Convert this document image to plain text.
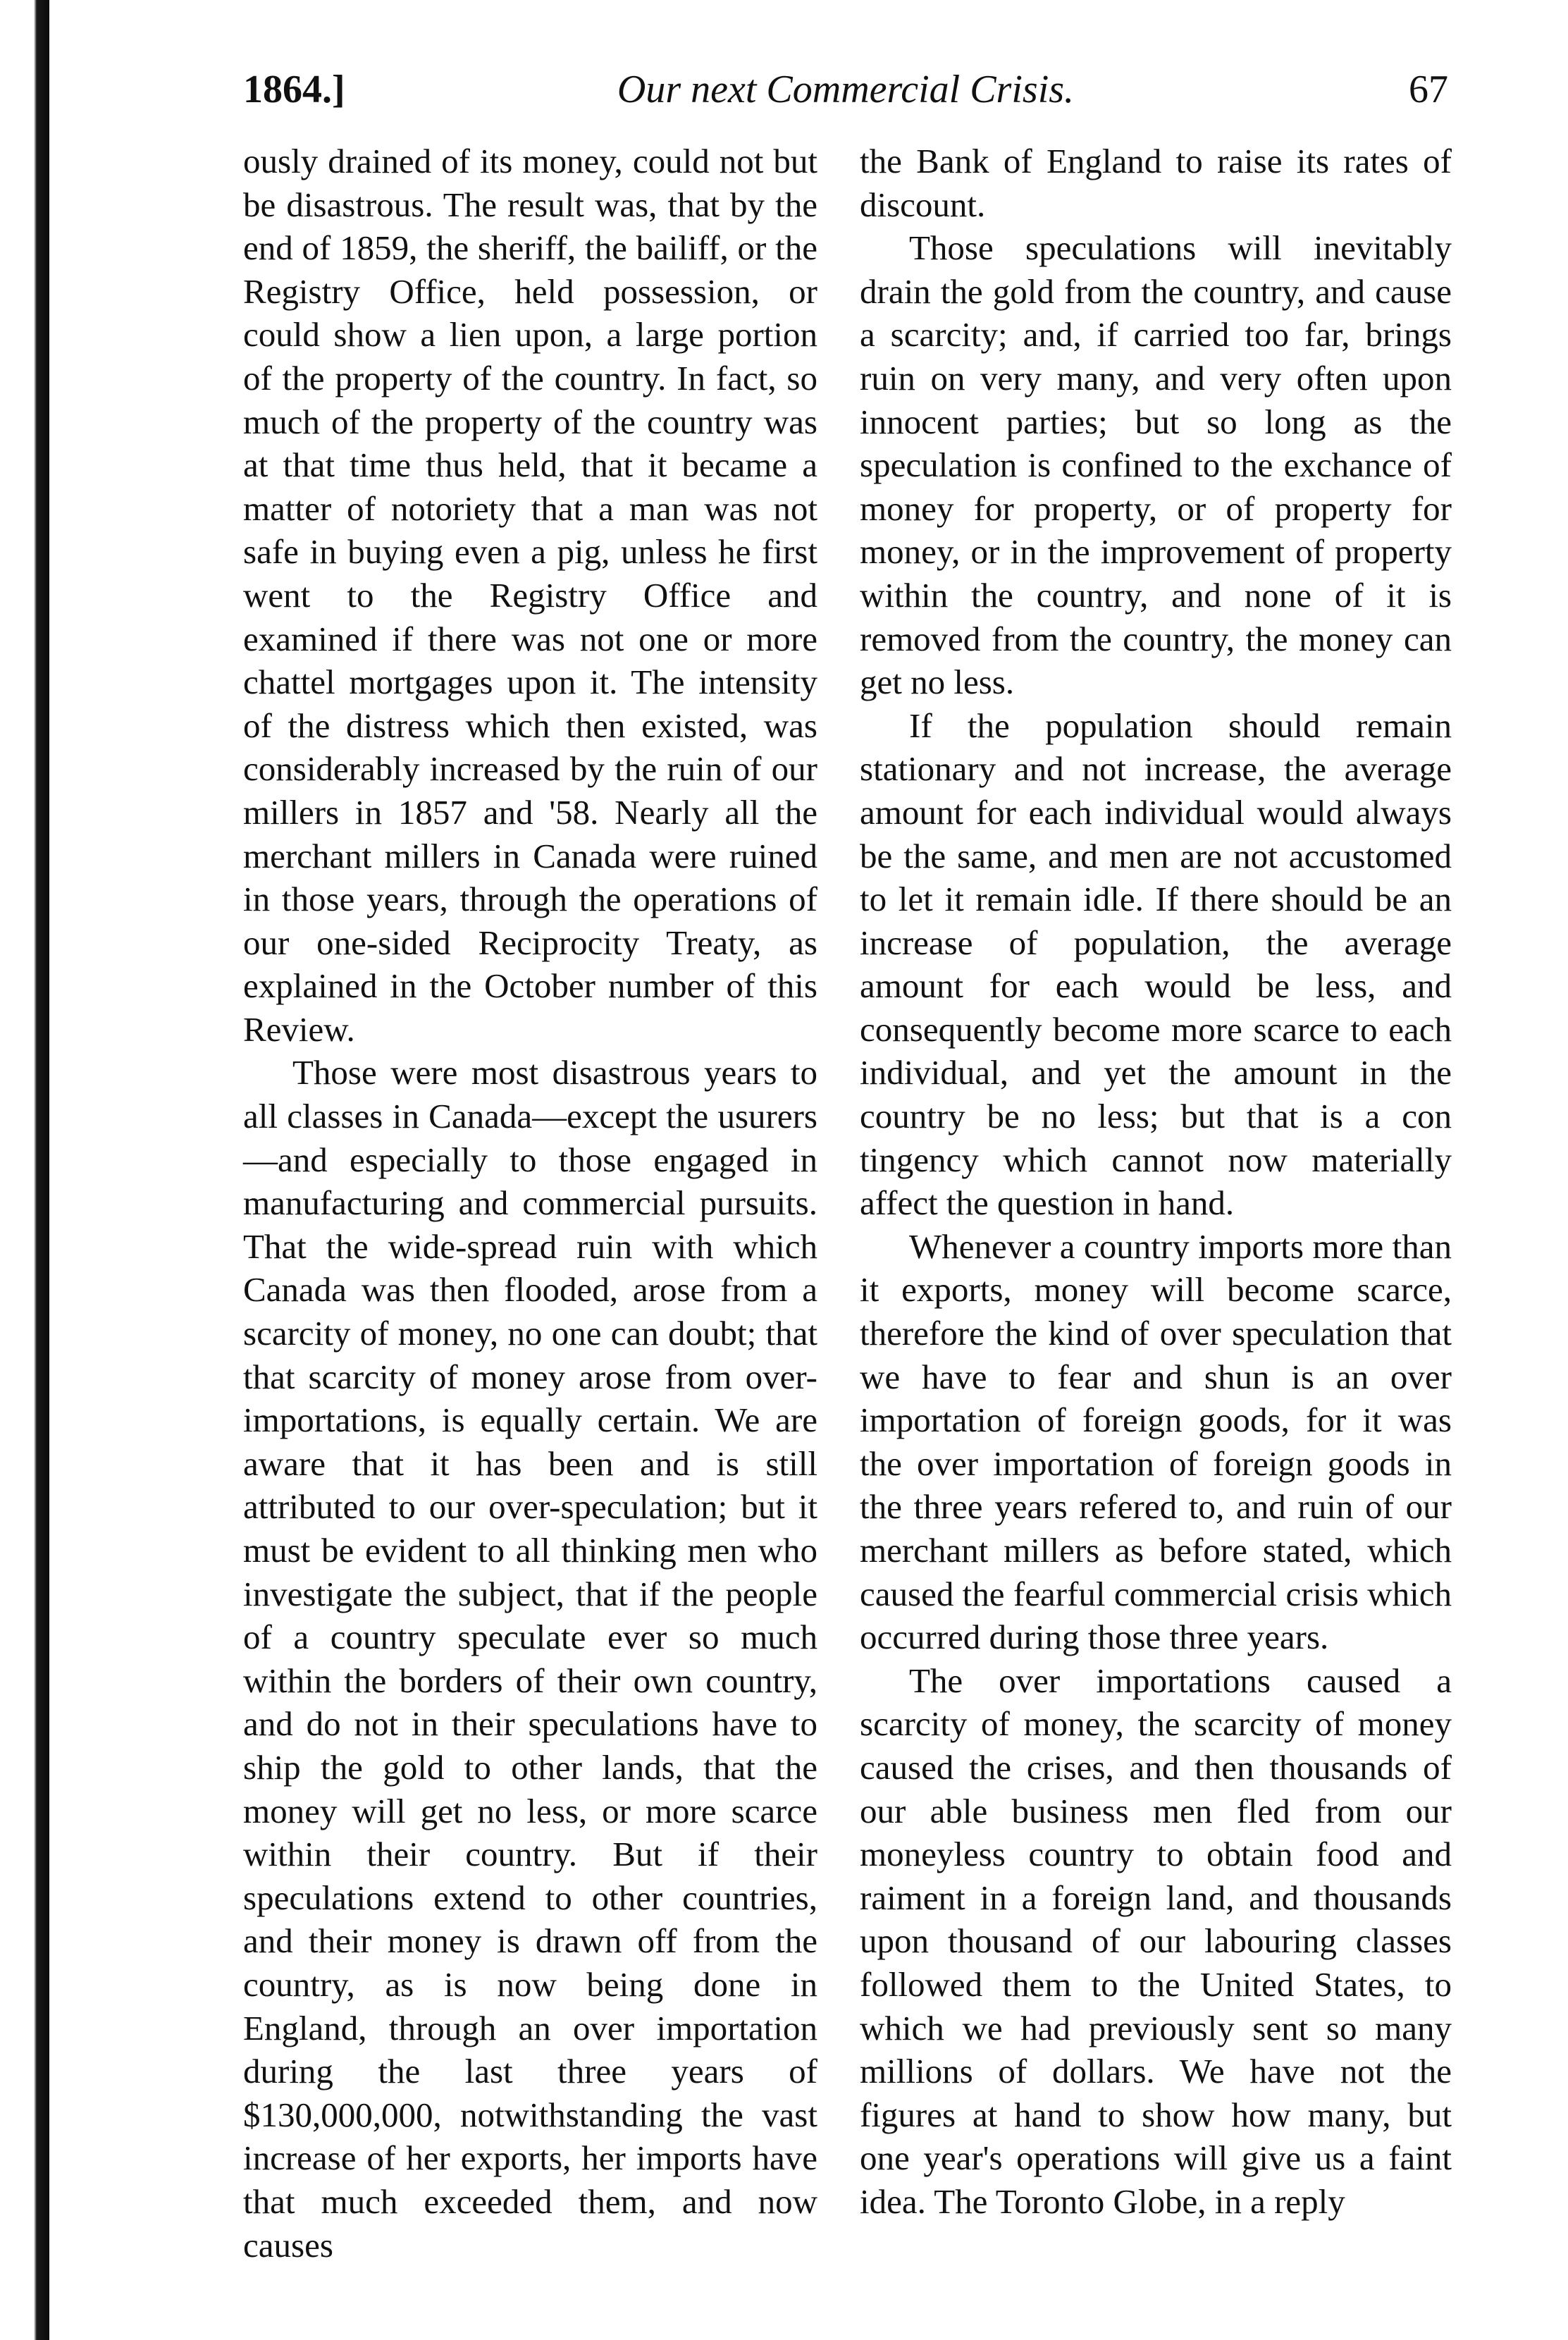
1864.]	Our next Commercial Crisis.	67

ously drained of its money, could not but be disastrous. The result was, that by the end of 1859, the sheriff, the bailiff, or the Registry Office, held possession, or could show a lien upon, a large portion of the property of the country. In fact, so much of the property of the country was at that time thus held, that it became a matter of notoriety that a man was not safe in buying even a pig, unless he first went to the Registry Office and examined if there was not one or more chattel mortgages upon it. The intensity of the distress which then existed, was considerably increased by the ruin of our millers in 1857 and '58. Nearly all the merchant millers in Canada were ruined in those years, through the operations of our one-sided Reciprocity Treaty, as explained in the October number of this Review.

Those were most disastrous years to all classes in Canada—except the usurers—and especially to those engaged in manufacturing and commercial pursuits. That the wide-spread ruin with which Canada was then flooded, arose from a scarcity of money, no one can doubt; that that scarcity of money arose from over-importations, is equally certain. We are aware that it has been and is still attributed to our over-speculation; but it must be evident to all thinking men who investigate the subject, that if the people of a country speculate ever so much within the borders of their own country, and do not in their speculations have to ship the gold to other lands, that the money will get no less, or more scarce within their country. But if their speculations extend to other countries, and their money is drawn off from the country, as is now being done in England, through an over importation during the last three years of $130,000,000, notwithstanding the vast increase of her exports, her imports have that much exceeded them, and now causes

the Bank of England to raise its rates of discount.

Those speculations will inevitably drain the gold from the country, and cause a scarcity; and, if carried too far, brings ruin on very many, and very often upon innocent parties; but so long as the speculation is confined to the exchance of money for property, or of property for money, or in the improvement of property within the country, and none of it is removed from the country, the money can get no less.

If the population should remain stationary and not increase, the average amount for each individual would always be the same, and men are not accustomed to let it remain idle. If there should be an increase of population, the average amount for each would be less, and consequently become more scarce to each individual, and yet the amount in the country be no less; but that is a con tingency which cannot now materially affect the question in hand.

Whenever a country imports more than it exports, money will become scarce, therefore the kind of over speculation that we have to fear and shun is an over importation of foreign goods, for it was the over importation of foreign goods in the three years refered to, and ruin of our merchant millers as before stated, which caused the fearful commercial crisis which occurred during those three years.

The over importations caused a scarcity of money, the scarcity of money caused the crises, and then thousands of our able business men fled from our moneyless country to obtain food and raiment in a foreign land, and thousands upon thousand of our labouring classes followed them to the United States, to which we had previously sent so many millions of dollars. We have not the figures at hand to show how many, but one year's operations will give us a faint idea. The Toronto Globe, in a reply
